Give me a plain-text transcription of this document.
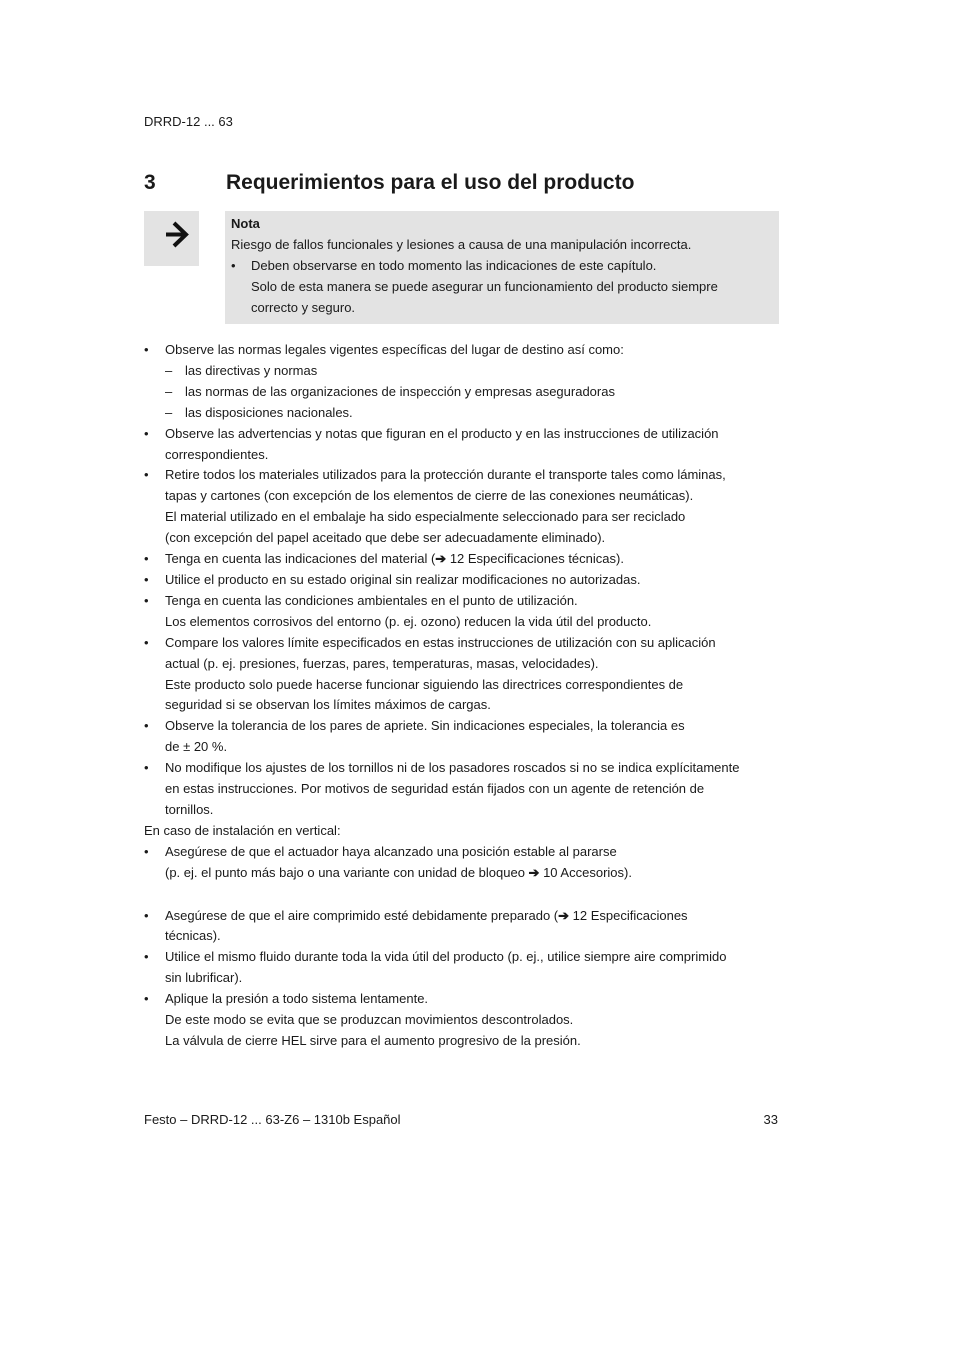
DRRD-12 ... 63
3	Requerimientos para el uso del producto
Nota
Riesgo de fallos funcionales y lesiones a causa de una manipulación incorrecta.
• Deben observarse en todo momento las indicaciones de este capítulo.
Solo de esta manera se puede asegurar un funcionamiento del producto siempre
correcto y seguro.
• Observe las normas legales vigentes específicas del lugar de destino así como:
– las directivas y normas
– las normas de las organizaciones de inspección y empresas aseguradoras
– las disposiciones nacionales.
• Observe las advertencias y notas que figuran en el producto y en las instrucciones de utilización
correspondientes.
• Retire todos los materiales utilizados para la protección durante el transporte tales como láminas,
tapas y cartones (con excepción de los elementos de cierre de las conexiones neumáticas).
El material utilizado en el embalaje ha sido especialmente seleccionado para ser reciclado
(con excepción del papel aceitado que debe ser adecuadamente eliminado).
• Tenga en cuenta las indicaciones del material (➔ 12 Especificaciones técnicas).
• Utilice el producto en su estado original sin realizar modificaciones no autorizadas.
• Tenga en cuenta las condiciones ambientales en el punto de utilización.
Los elementos corrosivos del entorno (p. ej. ozono) reducen la vida útil del producto.
• Compare los valores límite especificados en estas instrucciones de utilización con su aplicación
actual (p. ej. presiones, fuerzas, pares, temperaturas, masas, velocidades).
Este producto solo puede hacerse funcionar siguiendo las directrices correspondientes de
seguridad si se observan los límites máximos de cargas.
• Observe la tolerancia de los pares de apriete. Sin indicaciones especiales, la tolerancia es
de ± 20 %.
• No modifique los ajustes de los tornillos ni de los pasadores roscados si no se indica explícitamente
en estas instrucciones. Por motivos de seguridad están fijados con un agente de retención de
tornillos.
En caso de instalación en vertical:
• Asegúrese de que el actuador haya alcanzado una posición estable al pararse
(p. ej. el punto más bajo o una variante con unidad de bloqueo ➔ 10 Accesorios).
• Asegúrese de que el aire comprimido esté debidamente preparado (➔ 12 Especificaciones
técnicas).
• Utilice el mismo fluido durante toda la vida útil del producto (p. ej., utilice siempre aire comprimido
sin lubrificar).
• Aplique la presión a todo sistema lentamente.
De este modo se evita que se produzcan movimientos descontrolados.
La válvula de cierre HEL sirve para el aumento progresivo de la presión.
Festo – DRRD-12 ... 63-Z6 – 1310b Español	33
